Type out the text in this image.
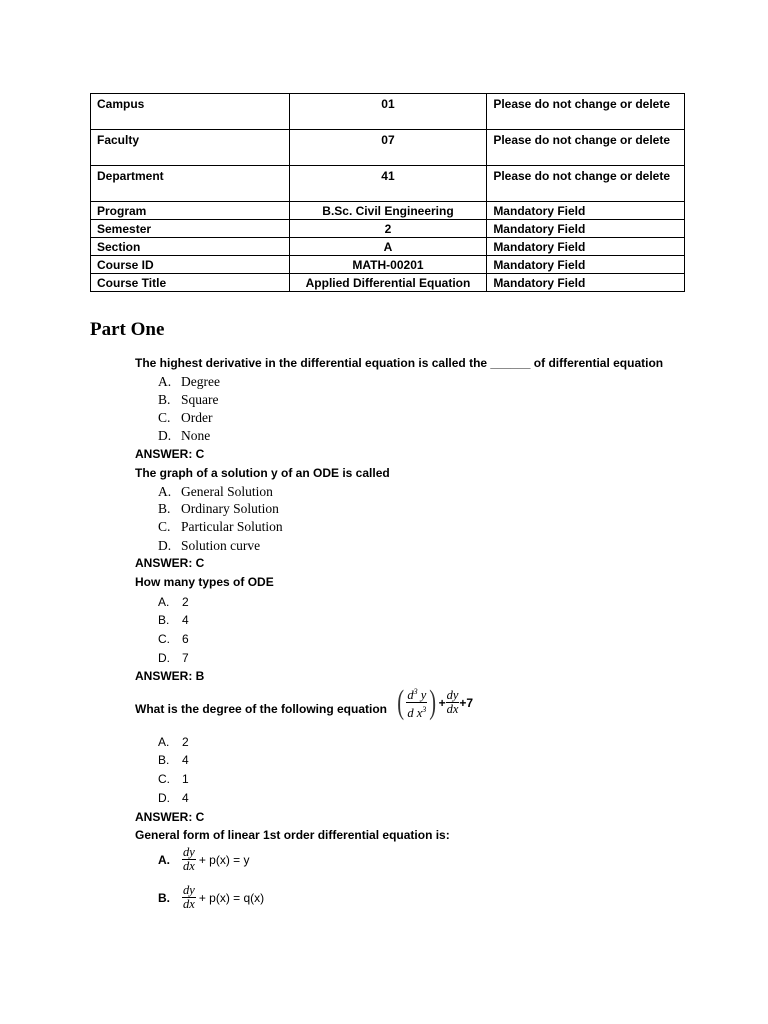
Campus	01	Please do not change or delete
Faculty	07	Please do not change or delete
Department	41	Please do not change or delete
Program	B.Sc. Civil Engineering	Mandatory Field
Semester	2	Mandatory Field
Section	A	Mandatory Field
Course ID	MATH-00201	Mandatory Field
Course Title	Applied Differential Equation	Mandatory Field
Part One
The highest derivative in the differential equation is called the ______ of differential equation
A. Degree
B. Square
C. Order
D. None
ANSWER: C
The graph of a solution y of an ODE is called
A. General Solution
B. Ordinary Solution
C. Particular Solution
D. Solution curve
ANSWER: C
How many types of ODE
A. 2
B. 4
C. 6
D. 7
ANSWER: B
What is the degree of the following equation ( $\frac{d^3 y}{d x^3}$ ) + $\frac{dy}{dx} +7$
A. 2
B. 4
C. 1
D. 4
ANSWER: C
General form of linear 1st order differential equation is:
A. $\frac{dy}{dx} + p(x) = y$
B. $\frac{dy}{dx} + p(x) = q(x)$
